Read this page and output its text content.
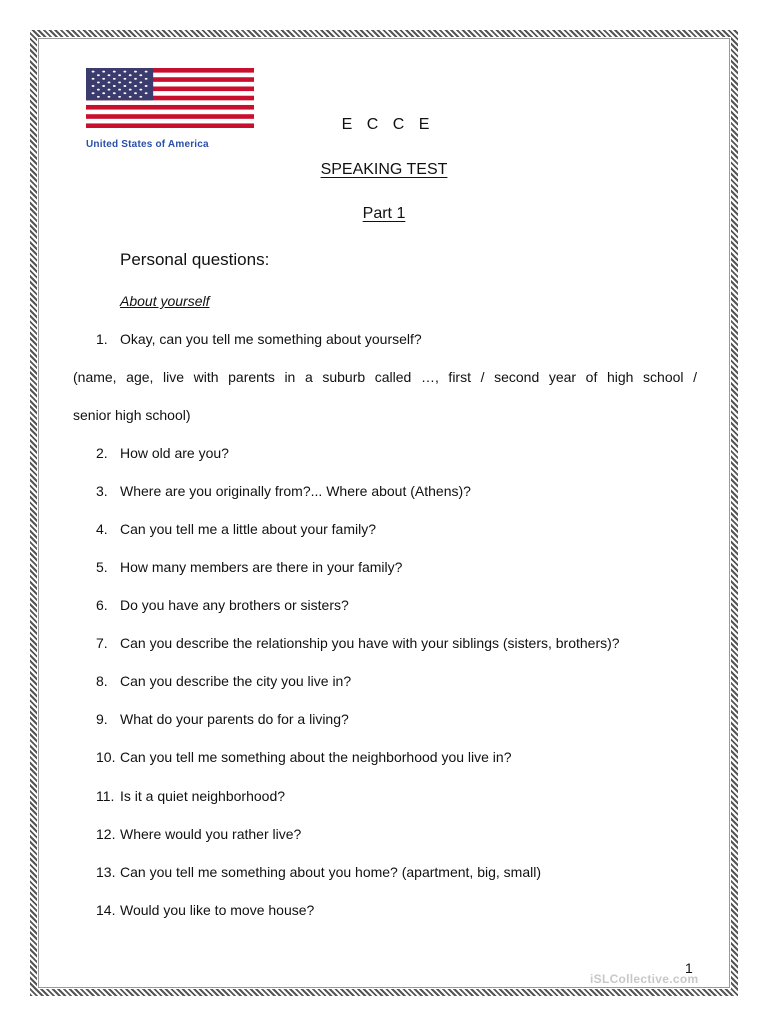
United States of America
E C C E
SPEAKING TEST
Part 1
Personal questions:
About yourself
1. Okay, can you tell me something about yourself?
2. How old are you?
3. Where are you originally from?... Where about (Athens)?
4. Can you tell me a little about your family?
5. How many members are there in your family?
6. Do you have any brothers or sisters?
7. Can you describe the relationship you have with your siblings (sisters, brothers)?
8. Can you describe the city you live in?
9. What do your parents do for a living?
10. Can you tell me something about the neighborhood you live in?
11. Is it a quiet neighborhood?
12. Where would you rather live?
13. Can you tell me something about you home? (apartment, big, small)
14. Would you like to move house?
(name, age, live with parents in a suburb called …, first / second year of high school /
senior high school)
1
iSLCollective.com
